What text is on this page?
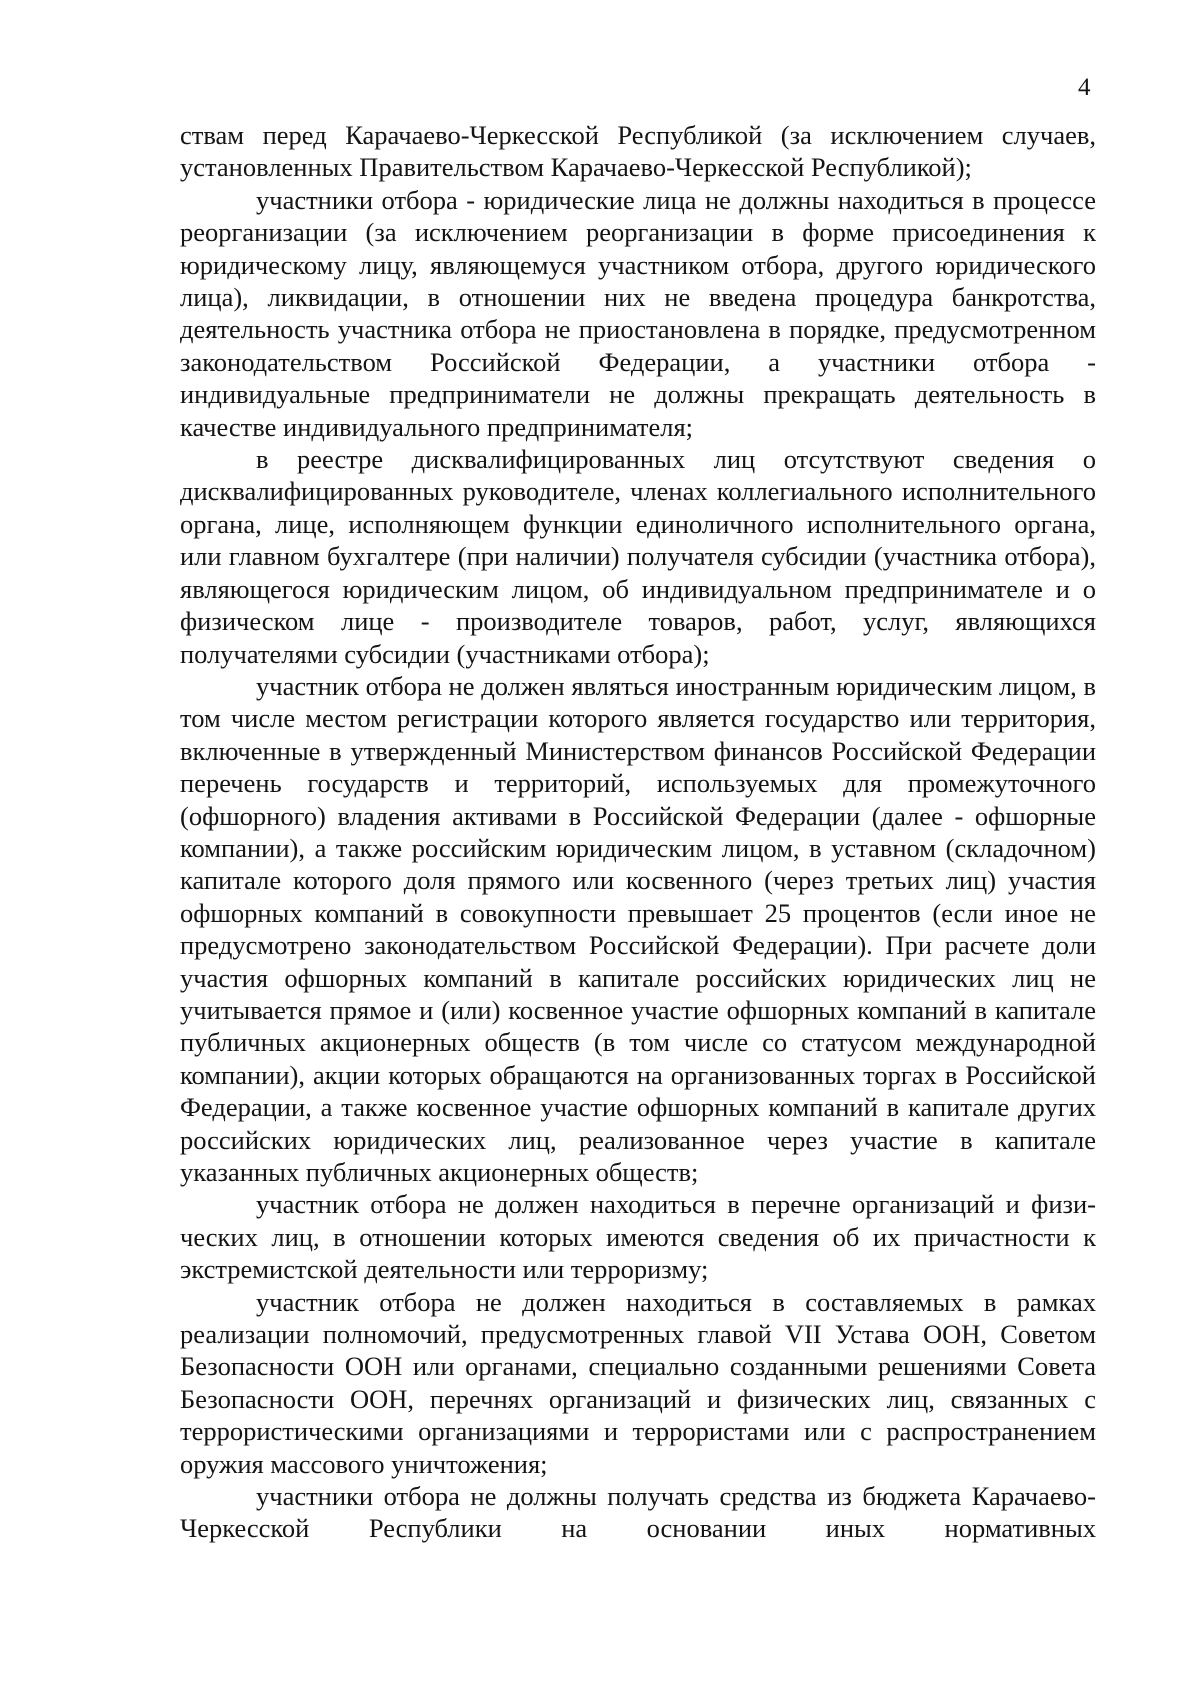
4

ствам перед Карачаево-Черкесской Республикой (за исключением случаев, установленных Правительством Карачаево-Черкесской Республикой);

участники отбора - юридические лица не должны находиться в процессе реорганизации (за исключением реорганизации в форме присоединения к юридическому лицу, являющемуся участником отбора, другого юридического лица), ликвидации, в отношении них не введена процедура банкротства, деятельность участника отбора не приостановлена в порядке, предусмотренном законодательством Российской Федерации, а участники отбора - индивидуальные предприниматели не должны прекращать деятельность в качестве индивидуального предпринимателя;

в реестре дисквалифицированных лиц отсутствуют сведения о дисквалифицированных руководителе, членах коллегиального исполнительного органа, лице, исполняющем функции единоличного исполнительного органа, или главном бухгалтере (при наличии) получателя субсидии (участника отбора), являющегося юридическим лицом, об индивидуальном предпринимателе и о физическом лице - производителе товаров, работ, услуг, являющихся получателями субсидии (участниками отбора);

участник отбора не должен являться иностранным юридическим лицом, в том числе местом регистрации которого является государство или территория, включенные в утвержденный Министерством финансов Российской Федерации перечень государств и территорий, используемых для промежуточного (офшорного) владения активами в Российской Федерации (далее - офшорные компании), а также российским юридическим лицом, в уставном (складочном) капитале которого доля прямого или косвенного (через третьих лиц) участия офшорных компаний в совокупности превышает 25 процентов (если иное не предусмотрено законодательством Российской Федерации). При расчете доли участия офшорных компаний в капитале российских юридических лиц не учитывается прямое и (или) косвенное участие офшорных компаний в капитале публичных акционерных обществ (в том числе со статусом международной компании), акции которых обращаются на организованных торгах в Российской Федерации, а также косвенное участие офшорных компаний в капитале других российских юридических лиц, реализованное через участие в капитале указанных публичных акционерных обществ;

участник отбора не должен находиться в перечне организаций и физических лиц, в отношении которых имеются сведения об их причастности к экстремистской деятельности или терроризму;

участник отбора не должен находиться в составляемых в рамках реализации полномочий, предусмотренных главой VII Устава ООН, Советом Безопасности ООН или органами, специально созданными решениями Совета Безопасности ООН, перечнях организаций и физических лиц, связанных с террористическими организациями и террористами или с распространением оружия массового уничтожения;

участники отбора не должны получать средства из бюджета Карачаево-Черкесской Республики на основании иных нормативных
